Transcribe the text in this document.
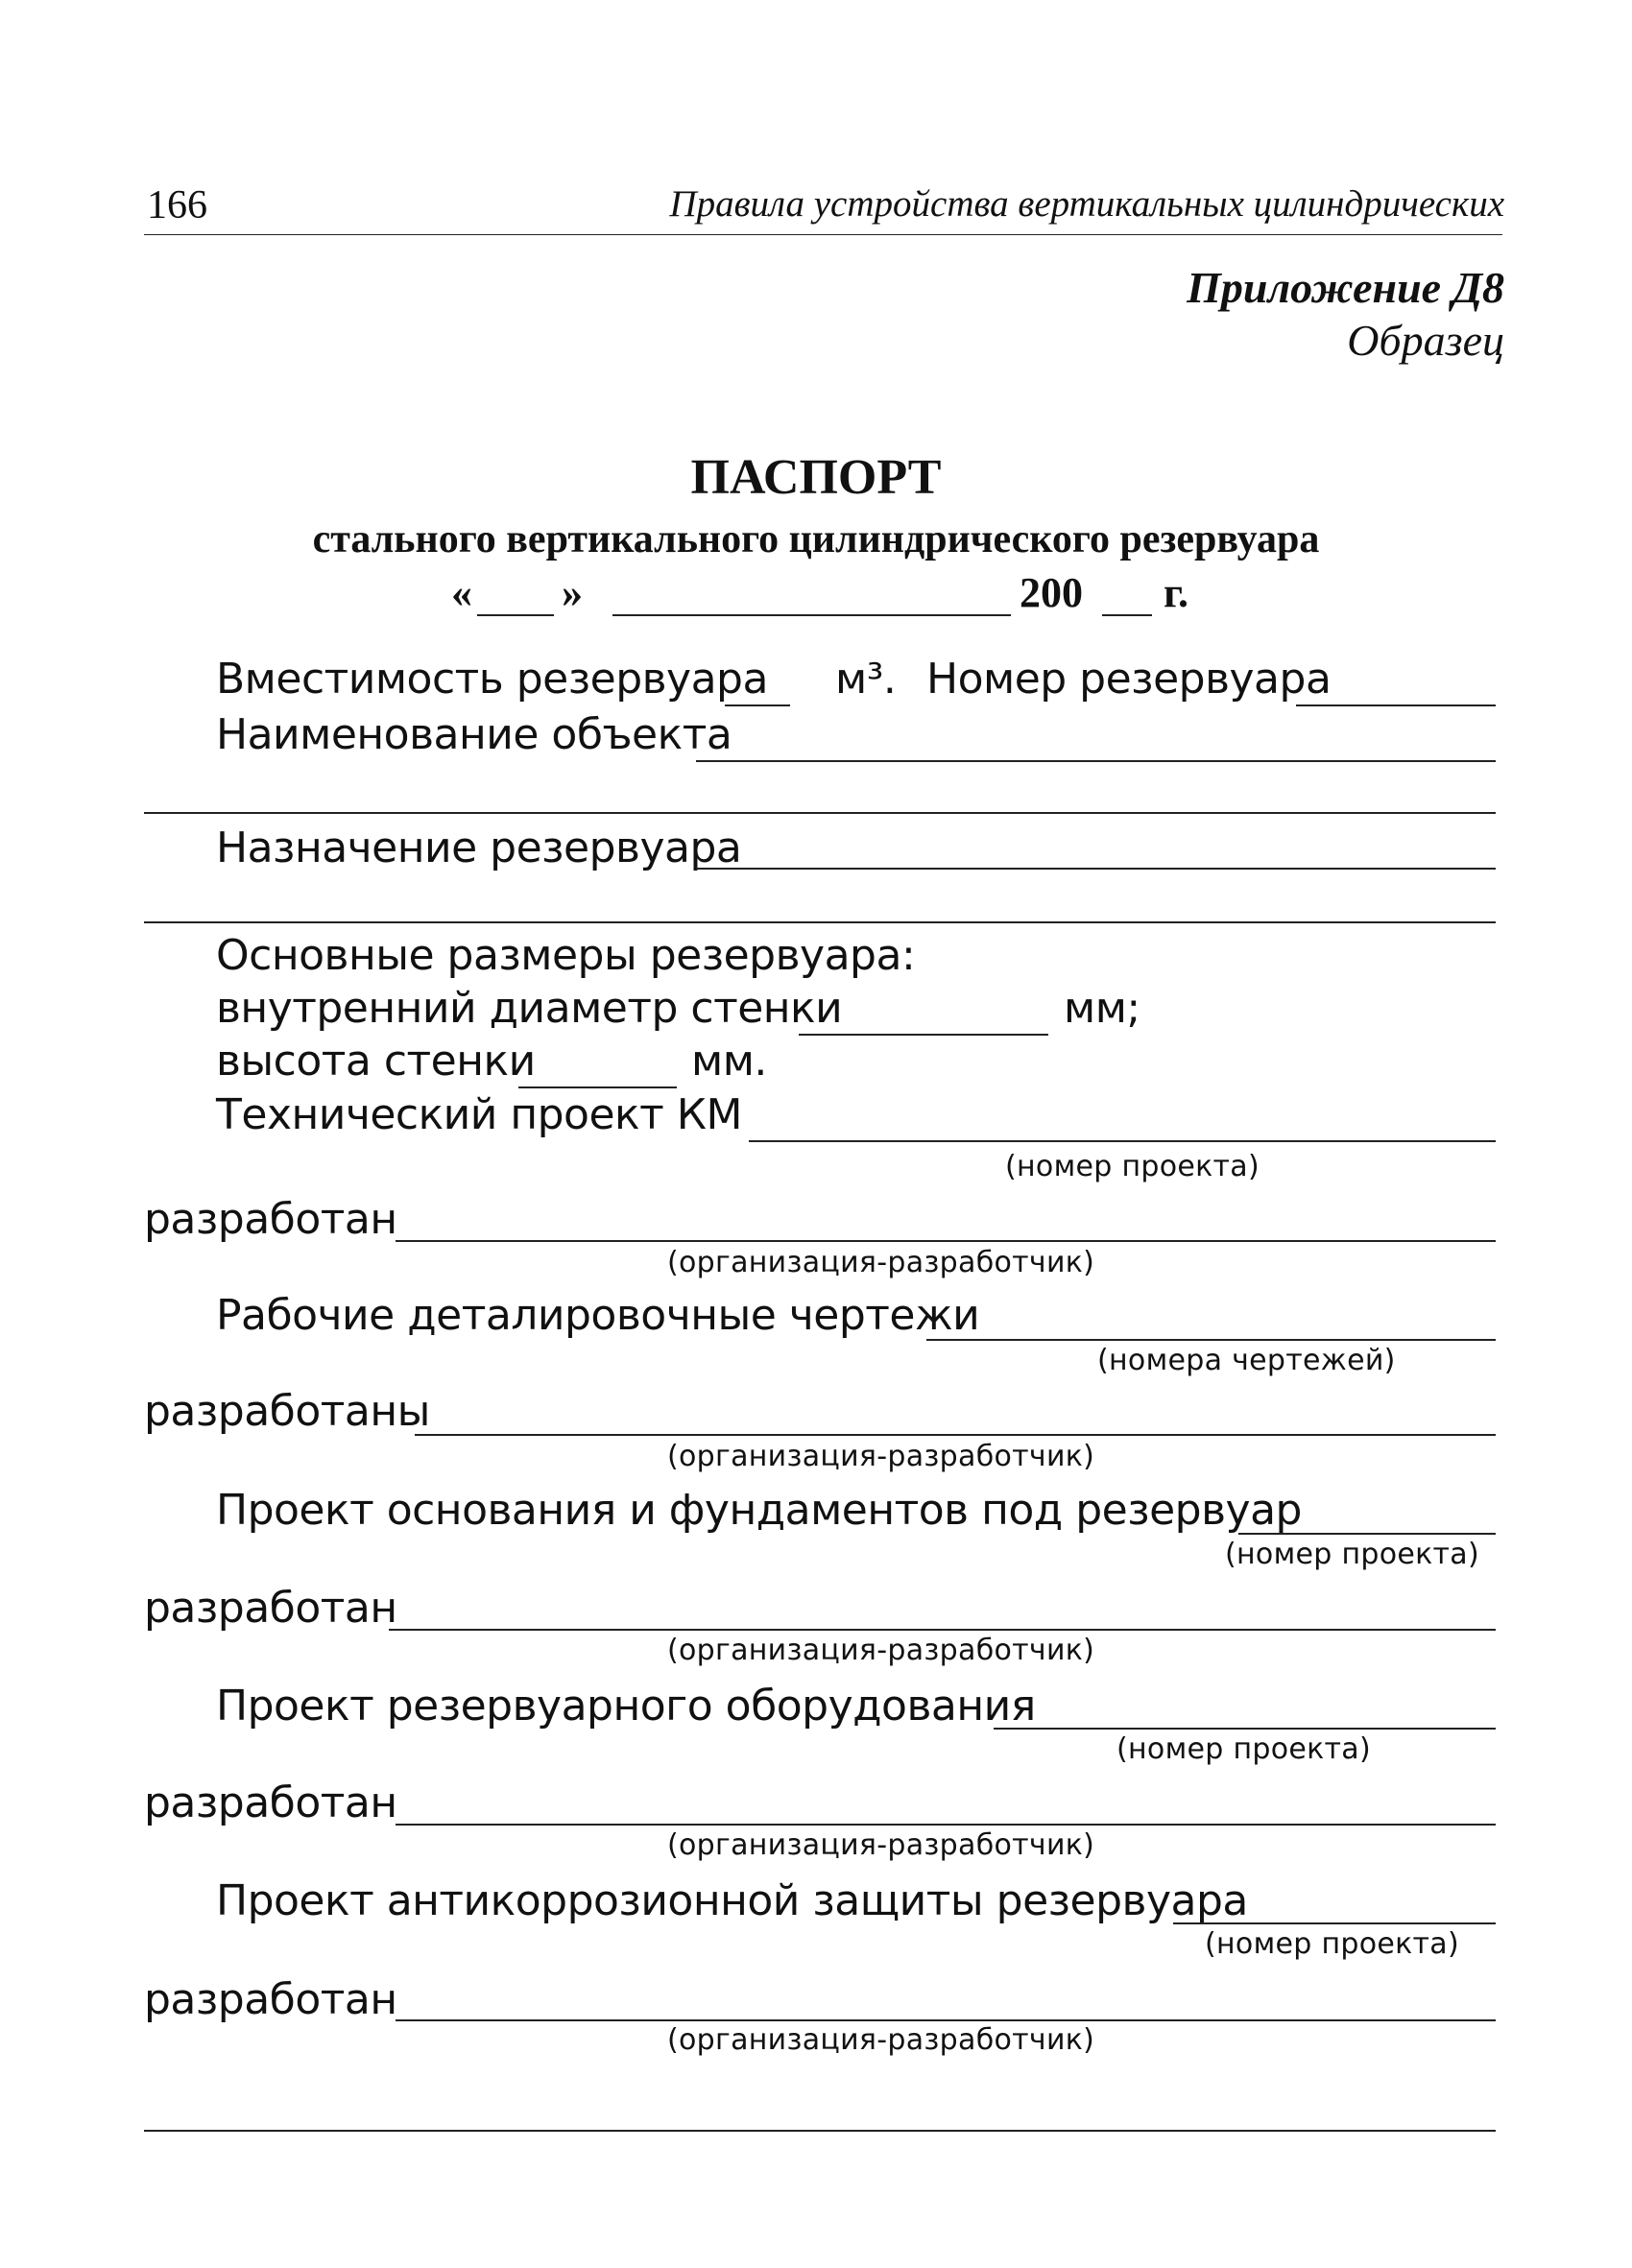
166	Правила устройства вертикальных цилиндрических
Приложение Д8
Образец
ПАСПОРТ
стального вертикального цилиндрического резервуара
« »	200 г.
Вместимость резервуара м³. Номер резервуара
Наименование объекта
Назначение резервуара
Основные размеры резервуара:
внутренний диаметр стенки	мм;
высота стенки	мм.
Технический проект КМ
(номер проекта)
разработан
(организация-разработчик)
Рабочие деталировочные чертежи
(номера чертежей)
разработаны
(организация-разработчик)
Проект основания и фундаментов под резервуар
(номер проекта)
разработан
(организация-разработчик)
Проект резервуарного оборудования
(номер проекта)
разработан
(организация-разработчик)
Проект антикоррозионной защиты резервуара
(номер проекта)
разработан
(организация-разработчик)
